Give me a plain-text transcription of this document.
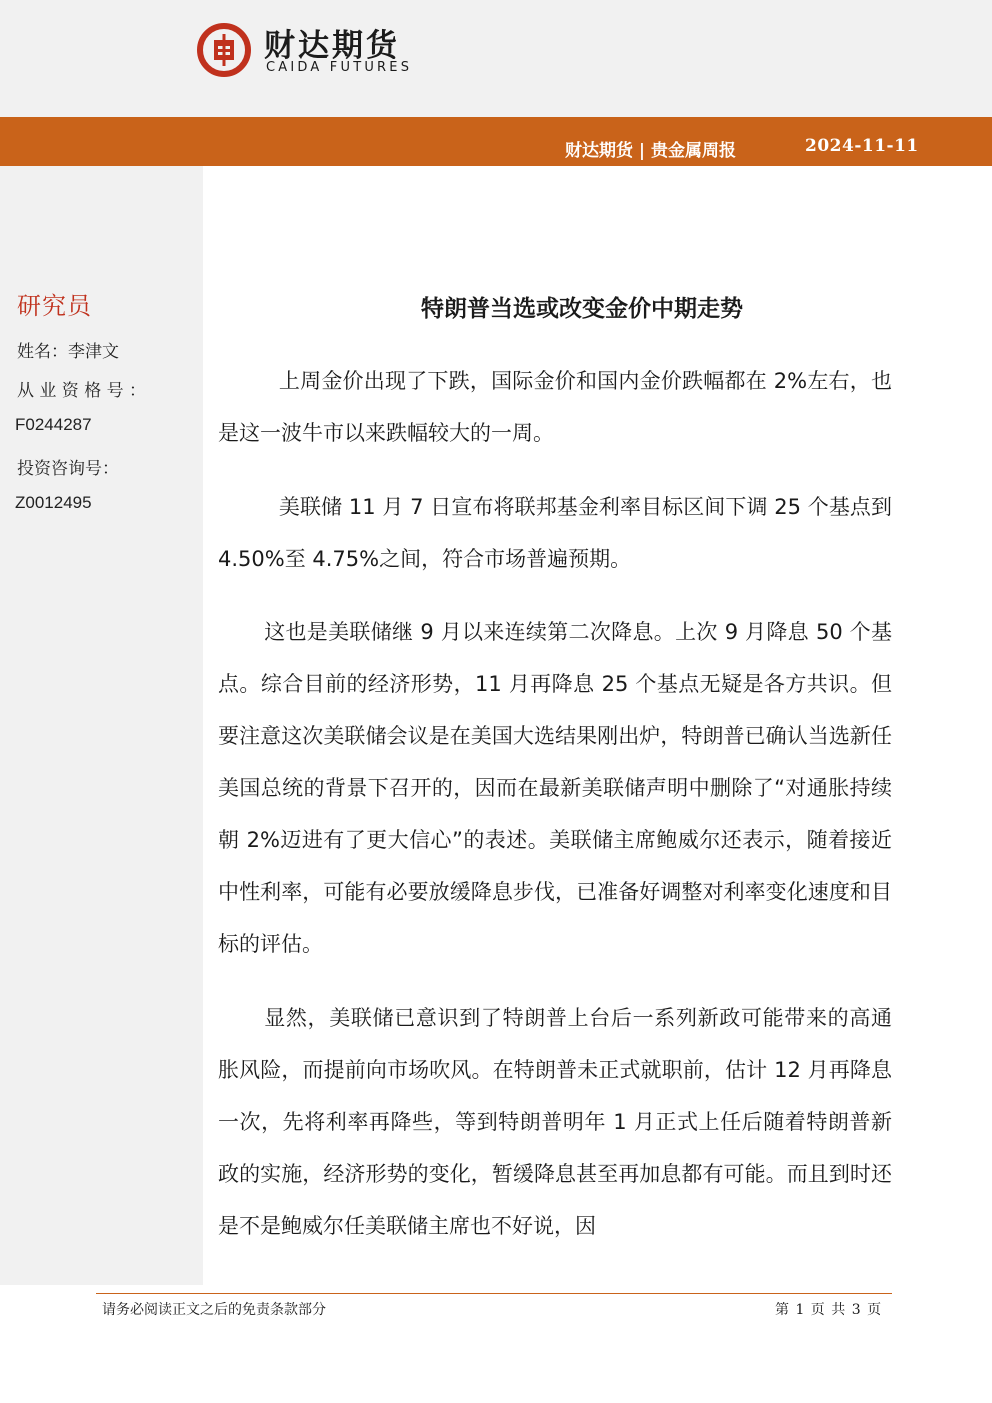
财达期货
CAIDA FUTURES
财达期货 | 贵金属周报	2024-11-11
研究员
姓名：李津文
从 业 资 格 号 ：
F0244287
投资咨询号：
Z0012495
特朗普当选或改变金价中期走势

上周金价出现了下跌，国际金价和国内金价跌幅都在 2%左右，也是这一波牛市以来跌幅较大的一周。

美联储 11 月 7 日宣布将联邦基金利率目标区间下调 25 个基点到 4.50%至 4.75%之间，符合市场普遍预期。

这也是美联储继 9 月以来连续第二次降息。上次 9 月降息 50 个基点。综合目前的经济形势，11 月再降息 25 个基点无疑是各方共识。但要注意这次美联储会议是在美国大选结果刚出炉，特朗普已确认当选新任美国总统的背景下召开的，因而在最新美联储声明中删除了“对通胀持续朝 2%迈进有了更大信心”的表述。美联储主席鲍威尔还表示，随着接近中性利率，可能有必要放缓降息步伐，已准备好调整对利率变化速度和目标的评估。

显然，美联储已意识到了特朗普上台后一系列新政可能带来的高通胀风险，而提前向市场吹风。在特朗普未正式就职前，估计 12 月再降息一次，先将利率再降些，等到特朗普明年 1 月正式上任后随着特朗普新政的实施，经济形势的变化，暂缓降息甚至再加息都有可能。而且到时还是不是鲍威尔任美联储主席也不好说，因

请务必阅读正文之后的免责条款部分	第 1 页 共 3 页
